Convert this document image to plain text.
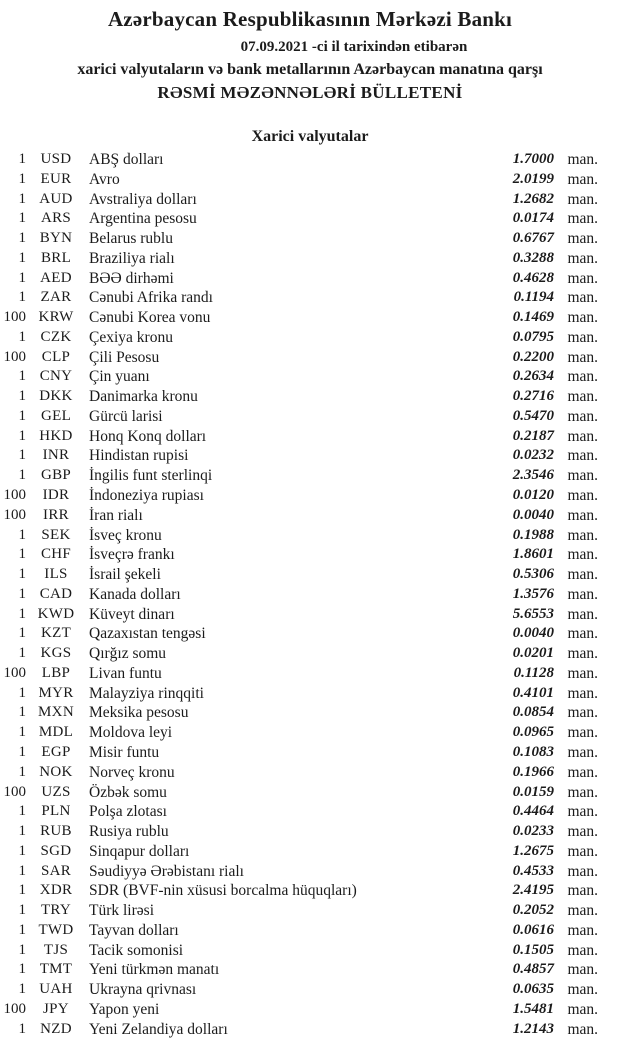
Azərbaycan Respublikasının Mərkəzi Bankı
07.09.2021 -ci il tarixindən etibarən
xarici valyutaların və bank metallarının Azərbaycan manatına qarşı
RƏSMİ MƏZƏNNƏLƏRİ BÜLLETENİ
Xarici valyutalar
1 USD	ABŞ dolları	1.7000 man.
1 EUR	Avro	2.0199 man.
1 AUD	Avstraliya dolları	1.2682 man.
1 ARS	Argentina pesosu	0.0174 man.
1 BYN	Belarus rublu	0.6767 man.
1 BRL	Braziliya rialı	0.3288 man.
1 AED	BƏƏ dirhəmi	0.4628 man.
1 ZAR	Cənubi Afrika randı	0.1194 man.
100 KRW Cənubi Korea vonu	0.1469 man.
1 CZK	Çexiya kronu	0.0795 man.
100	CLP	Çili Pesosu	0.2200 man.
1 CNY	Çin yuanı	0.2634 man.
1 DKK	Danimarka kronu	0.2716 man.
1 GEL	Gürcü larisi	0.5470 man.
1 HKD	Honq Konq dolları	0.2187 man.
1	INR	Hindistan rupisi	0.0232 man.
1 GBP	İngilis funt sterlinqi	2.3546 man.
100	IDR	İndoneziya rupiası	0.0120 man.
100	IRR	İran rialı	0.0040 man.
1	SEK	İsveç kronu	0.1988 man.
1 CHF	İsveçrə frankı	1.8601 man.
1	ILS	İsrail şekeli	0.5306 man.
1 CAD	Kanada dolları	1.3576 man.
1 KWD Küveyt dinarı	5.6553 man.
1 KZT	Qazaxıstan tengəsi	0.0040 man.
1 KGS	Qırğız somu	0.0201 man.
100	LBP	Livan funtu	0.1128 man.
1 MYR Malayziya rinqqiti	0.4101 man.
1 MXN Meksika pesosu	0.0854 man.
1 MDL	Moldova leyi	0.0965 man.
1	EGP	Misir funtu	0.1083 man.
1 NOK	Norveç kronu	0.1966 man.
100	UZS	Özbək somu	0.0159 man.
1	PLN	Polşa zlotası	0.4464 man.
1 RUB	Rusiya rublu	0.0233 man.
1 SGD	Sinqapur dolları	1.2675 man.
1 SAR	Səudiyyə Ərəbistanı rialı	0.4533 man.
1 XDR	SDR (BVF-nin xüsusi borcalma hüquqları)	2.4195 man.
1 TRY	Türk lirəsi	0.2052 man.
1 TWD Tayvan dolları	0.0616 man.
1	TJS	Tacik somonisi	0.1505 man.
1 TMT	Yeni türkmən manatı	0.4857 man.
1 UAH	Ukrayna qrivnası	0.0635 man.
100	JPY	Yapon yeni	1.5481 man.
1 NZD	Yeni Zelandiya dolları	1.2143 man.
